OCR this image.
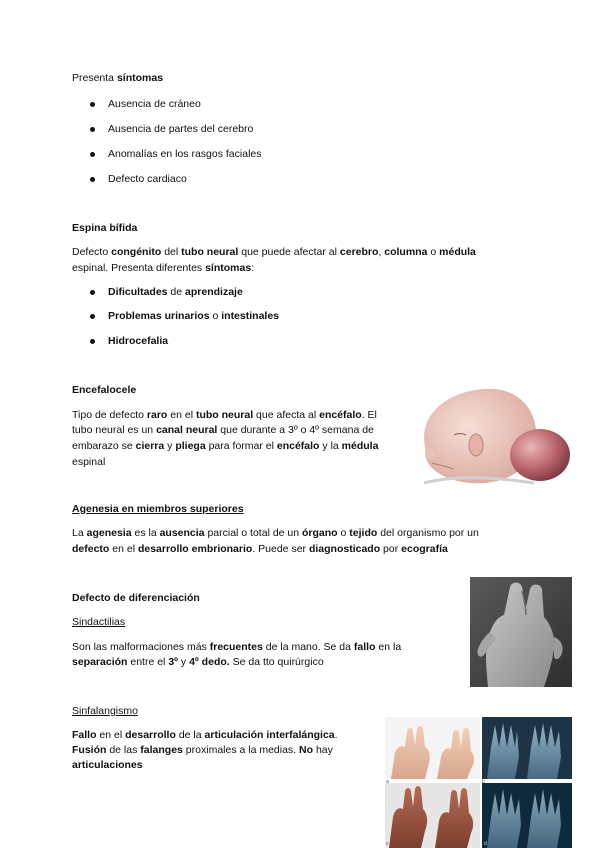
Presenta síntomas
Ausencia de cráneo
Ausencia de partes del cerebro
Anomalías en los rasgos faciales
Defecto cardiaco
Espina bífida
Defecto congénito del tubo neural que puede afectar al cerebro, columna o médula
espinal. Presenta diferentes síntomas:
Dificultades de aprendizaje
Problemas urinarios o intestinales
Hidrocefalia
Encefalocele
Tipo de defecto raro en el tubo neural que afecta al encéfalo. El
tubo neural es un canal neural que durante a 3º o 4º semana de
embarazo se cierra y pliega para formar el encéfalo y la médula
espinal
Agenesia en miembros superiores
La agenesia es la ausencia parcial o total de un órgano o tejido del organismo por un
defecto en el desarrollo embrionario. Puede ser diagnosticado por ecografía
Defecto de diferenciación
Sindactilias
Son las malformaciones más frecuentes de la mano. Se da fallo en la
separación entre el 3º y 4º dedo. Se da tto quirúrgico
Sinfalangismo
Fallo en el desarrollo de la articulación interfalángica.
Fusión de las falanges proximales a la medias. No hay
articulaciones
a	b
c	d
